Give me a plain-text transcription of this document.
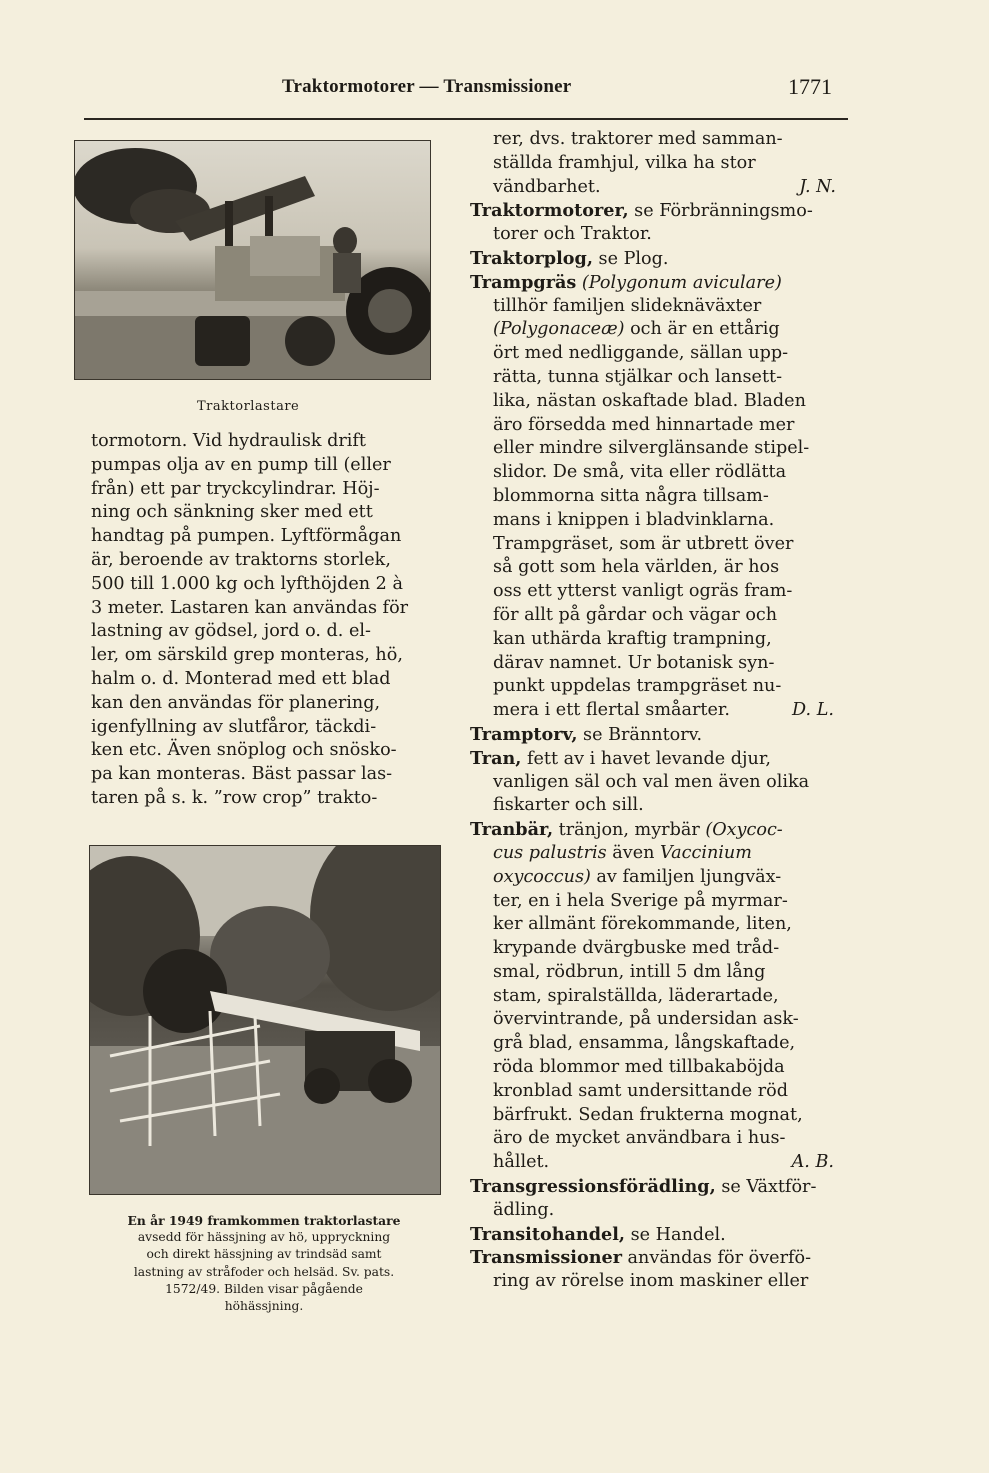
Traktormotorer — Transmissioner	1771
Traktorlastare
tormotorn. Vid hydraulisk drift
pumpas olja av en pump till (eller
från) ett par tryckcylindrar. Höj-
ning och sänkning sker med ett
handtag på pumpen. Lyftförmågan
är, beroende av traktorns storlek,
500 till 1.000 kg och lyfthöjden 2 à
3 meter. Lastaren kan användas för
lastning av gödsel, jord o. d. el-
ler, om särskild grep monteras, hö,
halm o. d. Monterad med ett blad
kan den användas för planering,
igenfyllning av slutfåror, täckdi-
ken etc. Även snöplog och snösko-
pa kan monteras. Bäst passar las-
taren på s. k. ”row crop” trakto-
En år 1949 framkommen traktorlastare
avsedd för hässjning av hö, uppryckning
och direkt hässjning av trindsäd samt
lastning av stråfoder och helsäd. Sv. pats.
1572/49. Bilden visar pågående
höhässjning.
rer, dvs. traktorer med samman-
ställda framhjul, vilka ha stor
vändbarhet.	J. N.
Traktormotorer, se Förbränningsmo-
torer och Traktor.
Traktorplog, se Plog.
Trampgräs (Polygonum aviculare)
tillhör familjen slideknäväxter
(Polygonaceæ) och är en ettårig
ört med nedliggande, sällan upp-
rätta, tunna stjälkar och lansett-
lika, nästan oskaftade blad. Bladen
äro försedda med hinnartade mer
eller mindre silverglänsande stipel-
slidor. De små, vita eller rödlätta
blommorna sitta några tillsam-
mans i knippen i bladvinklarna.
Trampgräset, som är utbrett över
så gott som hela världen, är hos
oss ett ytterst vanligt ogräs fram-
för allt på gårdar och vägar och
kan uthärda kraftig trampning,
därav namnet. Ur botanisk syn-
punkt uppdelas trampgräset nu-
mera i ett flertal småarter.	D. L.
Tramptorv, se Bränntorv.
Tran, fett av i havet levande djur,
vanligen säl och val men även olika
fiskarter och sill.
Tranbär, tränjon, myrbär (Oxycoc-
cus palustris även Vaccinium
oxycoccus) av familjen ljungväx-
ter, en i hela Sverige på myrmar-
ker allmänt förekommande, liten,
krypande dvärgbuske med tråd-
smal, rödbrun, intill 5 dm lång
stam, spiralställda, läderartade,
övervintrande, på undersidan ask-
grå blad, ensamma, långskaftade,
röda blommor med tillbakaböjda
kronblad samt undersittande röd
bärfrukt. Sedan frukterna mognat,
äro de mycket användbara i hus-
hållet.	A. B.
Transgressionsförädling, se Växtför-
ädling.
Transitohandel, se Handel.
Transmissioner användas för överfö-
ring av rörelse inom maskiner eller
